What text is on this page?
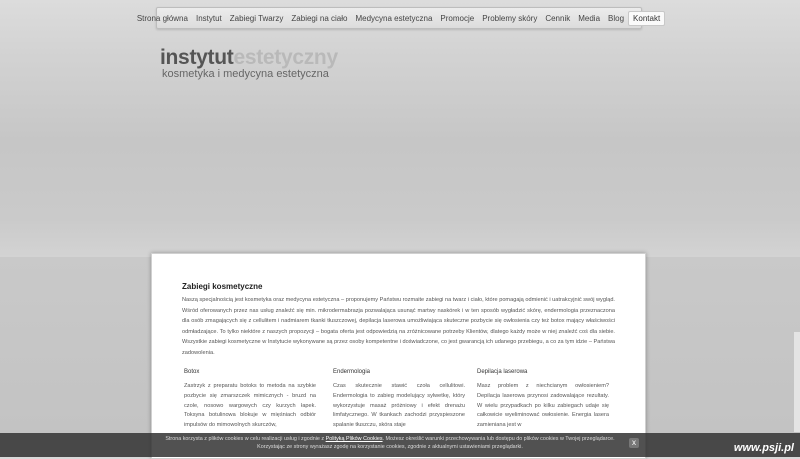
Strona główna	Instytut	Zabiegi Twarzy	Zabiegi na ciało	Medycyna estetyczna	Promocje	Problemy skóry	Cennik	Media	Blog	Kontakt
instytutestetyczny
kosmetyka i medycyna estetyczna
Zabiegi kosmetyczne

Naszą specjalnością jest kosmetyka oraz medycyna estetyczna – proponujemy Państwu rozmaite zabiegi na twarz i ciało, które pomagają odmienić i uatrakcyjnić swój wygląd. Wśród oferowanych przez nas usług znaleźć się min. mikrodermabrazja pozwalająca usunąć martwy naskórek i w ten sposób wygładzić skórę, endermologia przeznaczona dla osób zmagających się z cellulitem i nadmiarem tkanki tłuszczowej, depilacja laserowa umożliwiająca skuteczne pozbycie się owłosienia czy też botox mający właściwości odmładzające. To tylko niektóre z naszych propozycji – bogata oferta jest odpowiedzią na zróżnicowane potrzeby Klientów, dlatego każdy może w niej znaleźć coś dla siebie. Wszystkie zabiegi kosmetyczne w Instytucie wykonywane są przez osoby kompetentne i doświadczone, co jest gwarancją ich udanego przebiegu, a co za tym idzie – Państwa zadowolenia.

Botox

Zastrzyk z preparatu botoks to metoda na szybkie pozbycie się zmarszczek mimicznych - bruzd na czole, nosowo wargowych czy kurzych łapek. Toksyna botulinowa blokuje w mięśniach odbiór impulsów do mimowolnych skurczów,

Endermologia

Czas skutecznie stawić czoła cellulitowi. Endermologia to zabieg modelujący sylwetkę, który wykorzystuje masaż próżniowy i efekt drenażu limfatycznego. W tkankach zachodzi przyspieszone spalanie tłuszczu, skóra staje

Depilacja laserowa

Masz problem z niechcianym owłosieniem? Depilacja laserowa przynosi zadowalające rezultaty. W wielu przypadkach po kilku zabiegach udaje się całkowicie wyeliminować owłosienie. Energia lasera zamieniana jest w

Strona korzysta z plików cookies w celu realizacji usług i zgodnie z Polityką Plików Cookies. Możesz określić warunki przechowywania lub dostępu do plików cookies w Twojej przeglądarce. Korzystając ze strony wyrażasz zgodę na korzystanie cookies, zgodnie z aktualnymi ustawieniami przeglądarki.	x	www.psji.pl
